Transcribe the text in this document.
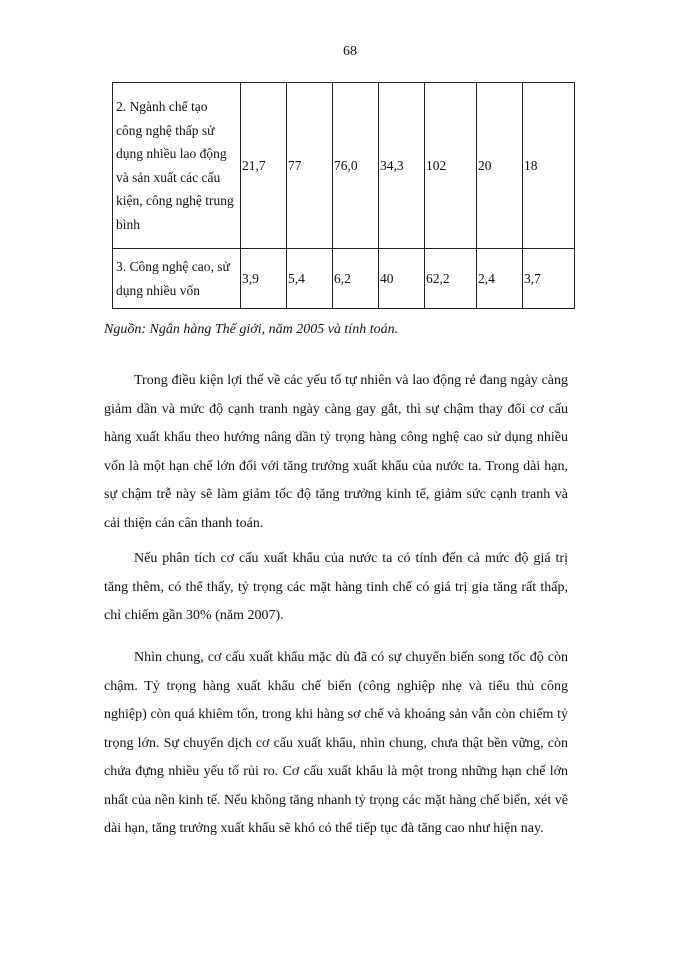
68
2. Ngành chế tạo công nghệ thấp sử dụng nhiều lao động và sản xuất các cấu kiện, công nghệ trung bình	21,7	77	76,0	34,3	102	20	18
3. Công nghệ cao, sử dụng nhiều vốn	3,9	5,4	6,2	40	62,2	2,4	3,7
Nguồn: Ngân hàng Thế giới, năm 2005 và tính toán.

Trong điều kiện lợi thế về các yếu tố tự nhiên và lao động rẻ đang ngày càng giảm dần và mức độ cạnh tranh ngày càng gay gắt, thì sự chậm thay đổi cơ cấu hàng xuất khẩu theo hướng nâng dần tỷ trọng hàng công nghệ cao sử dụng nhiều vốn là một hạn chế lớn đối với tăng trưởng xuất khẩu của nước ta. Trong dài hạn, sự chậm trễ này sẽ làm giảm tốc độ tăng trưởng kinh tế, giảm sức cạnh tranh và cải thiện cán cân thanh toán.

Nếu phân tích cơ cấu xuất khẩu của nước ta có tính đến cả mức độ giá trị tăng thêm, có thể thấy, tỷ trọng các mặt hàng tinh chế có giá trị gia tăng rất thấp, chỉ chiếm gần 30% (năm 2007).

Nhìn chung, cơ cấu xuất khẩu mặc dù đã có sự chuyển biến song tốc độ còn chậm. Tỷ trọng hàng xuất khẩu chế biến (công nghiệp nhẹ và tiểu thủ công nghiệp) còn quá khiêm tốn, trong khi hàng sơ chế và khoáng sản vẫn còn chiếm tỷ trọng lớn. Sự chuyển dịch cơ cấu xuất khẩu, nhìn chung, chưa thật bền vững, còn chứa đựng nhiều yếu tố rủi ro. Cơ cấu xuất khẩu là một trong những hạn chế lớn nhất của nền kinh tế. Nếu không tăng nhanh tỷ trọng các mặt hàng chế biến, xét về dài hạn, tăng trưởng xuất khẩu sẽ khó có thể tiếp tục đà tăng cao như hiện nay.
